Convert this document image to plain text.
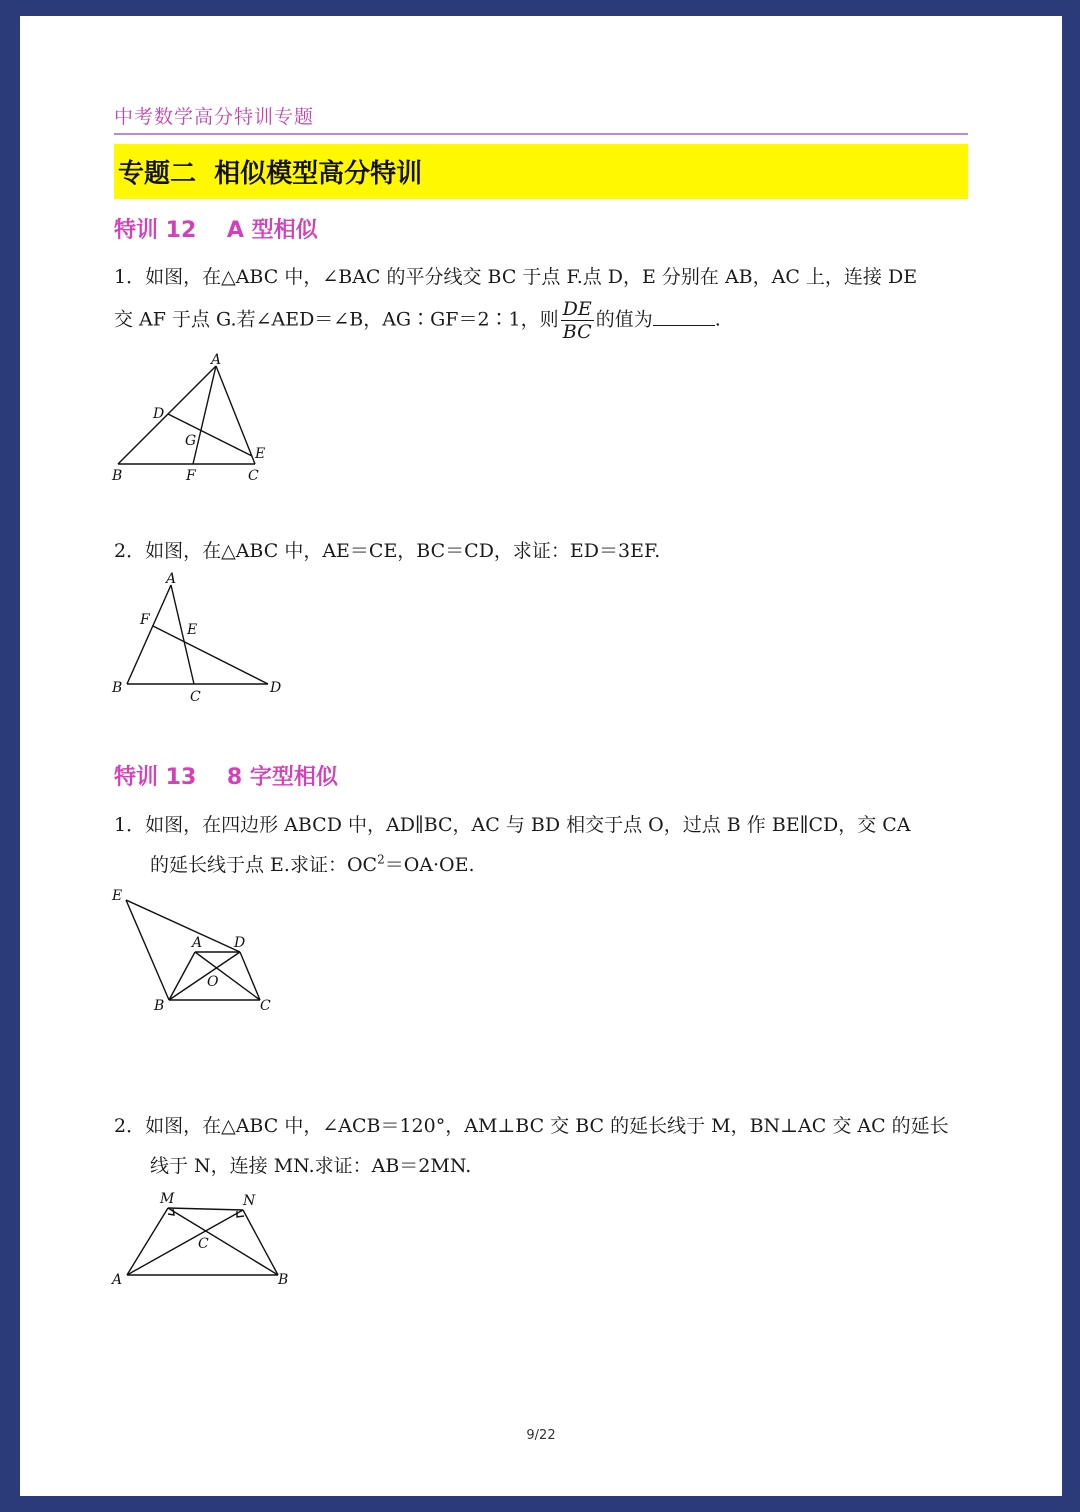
中考数学高分特训专题
专题二  相似模型高分特训
特训 12    A 型相似
1．如图，在△ABC 中，∠BAC 的平分线交 BC 于点 F.点 D，E 分别在 AB，AC 上，连接 DE
交 AF 于点 G.若∠AED＝∠B，AG∶GF＝2∶1，则 $\frac{DE}{BC}$ 的值为	.
A
B	C
D
E
F
G
2．如图，在△ABC 中，AE＝CE，BC＝CD，求证：ED＝3EF.
A
B
C
D
E
F
特训 13    8 字型相似
1．如图，在四边形 ABCD 中，AD∥BC，AC 与 BD 相交于点 O，过点 B 作 BE∥CD，交 CA
的延长线于点 E.求证：$OC^2=OA\cdot OE$.
E
A D
O
B	C
2．如图，在△ABC 中，∠ACB＝120°，AM⊥BC 交 BC 的延长线于 M，BN⊥AC 交 AC 的延长
线于 N，连接 MN.求证：AB＝2MN.
M	N
C
A	B
9/22
